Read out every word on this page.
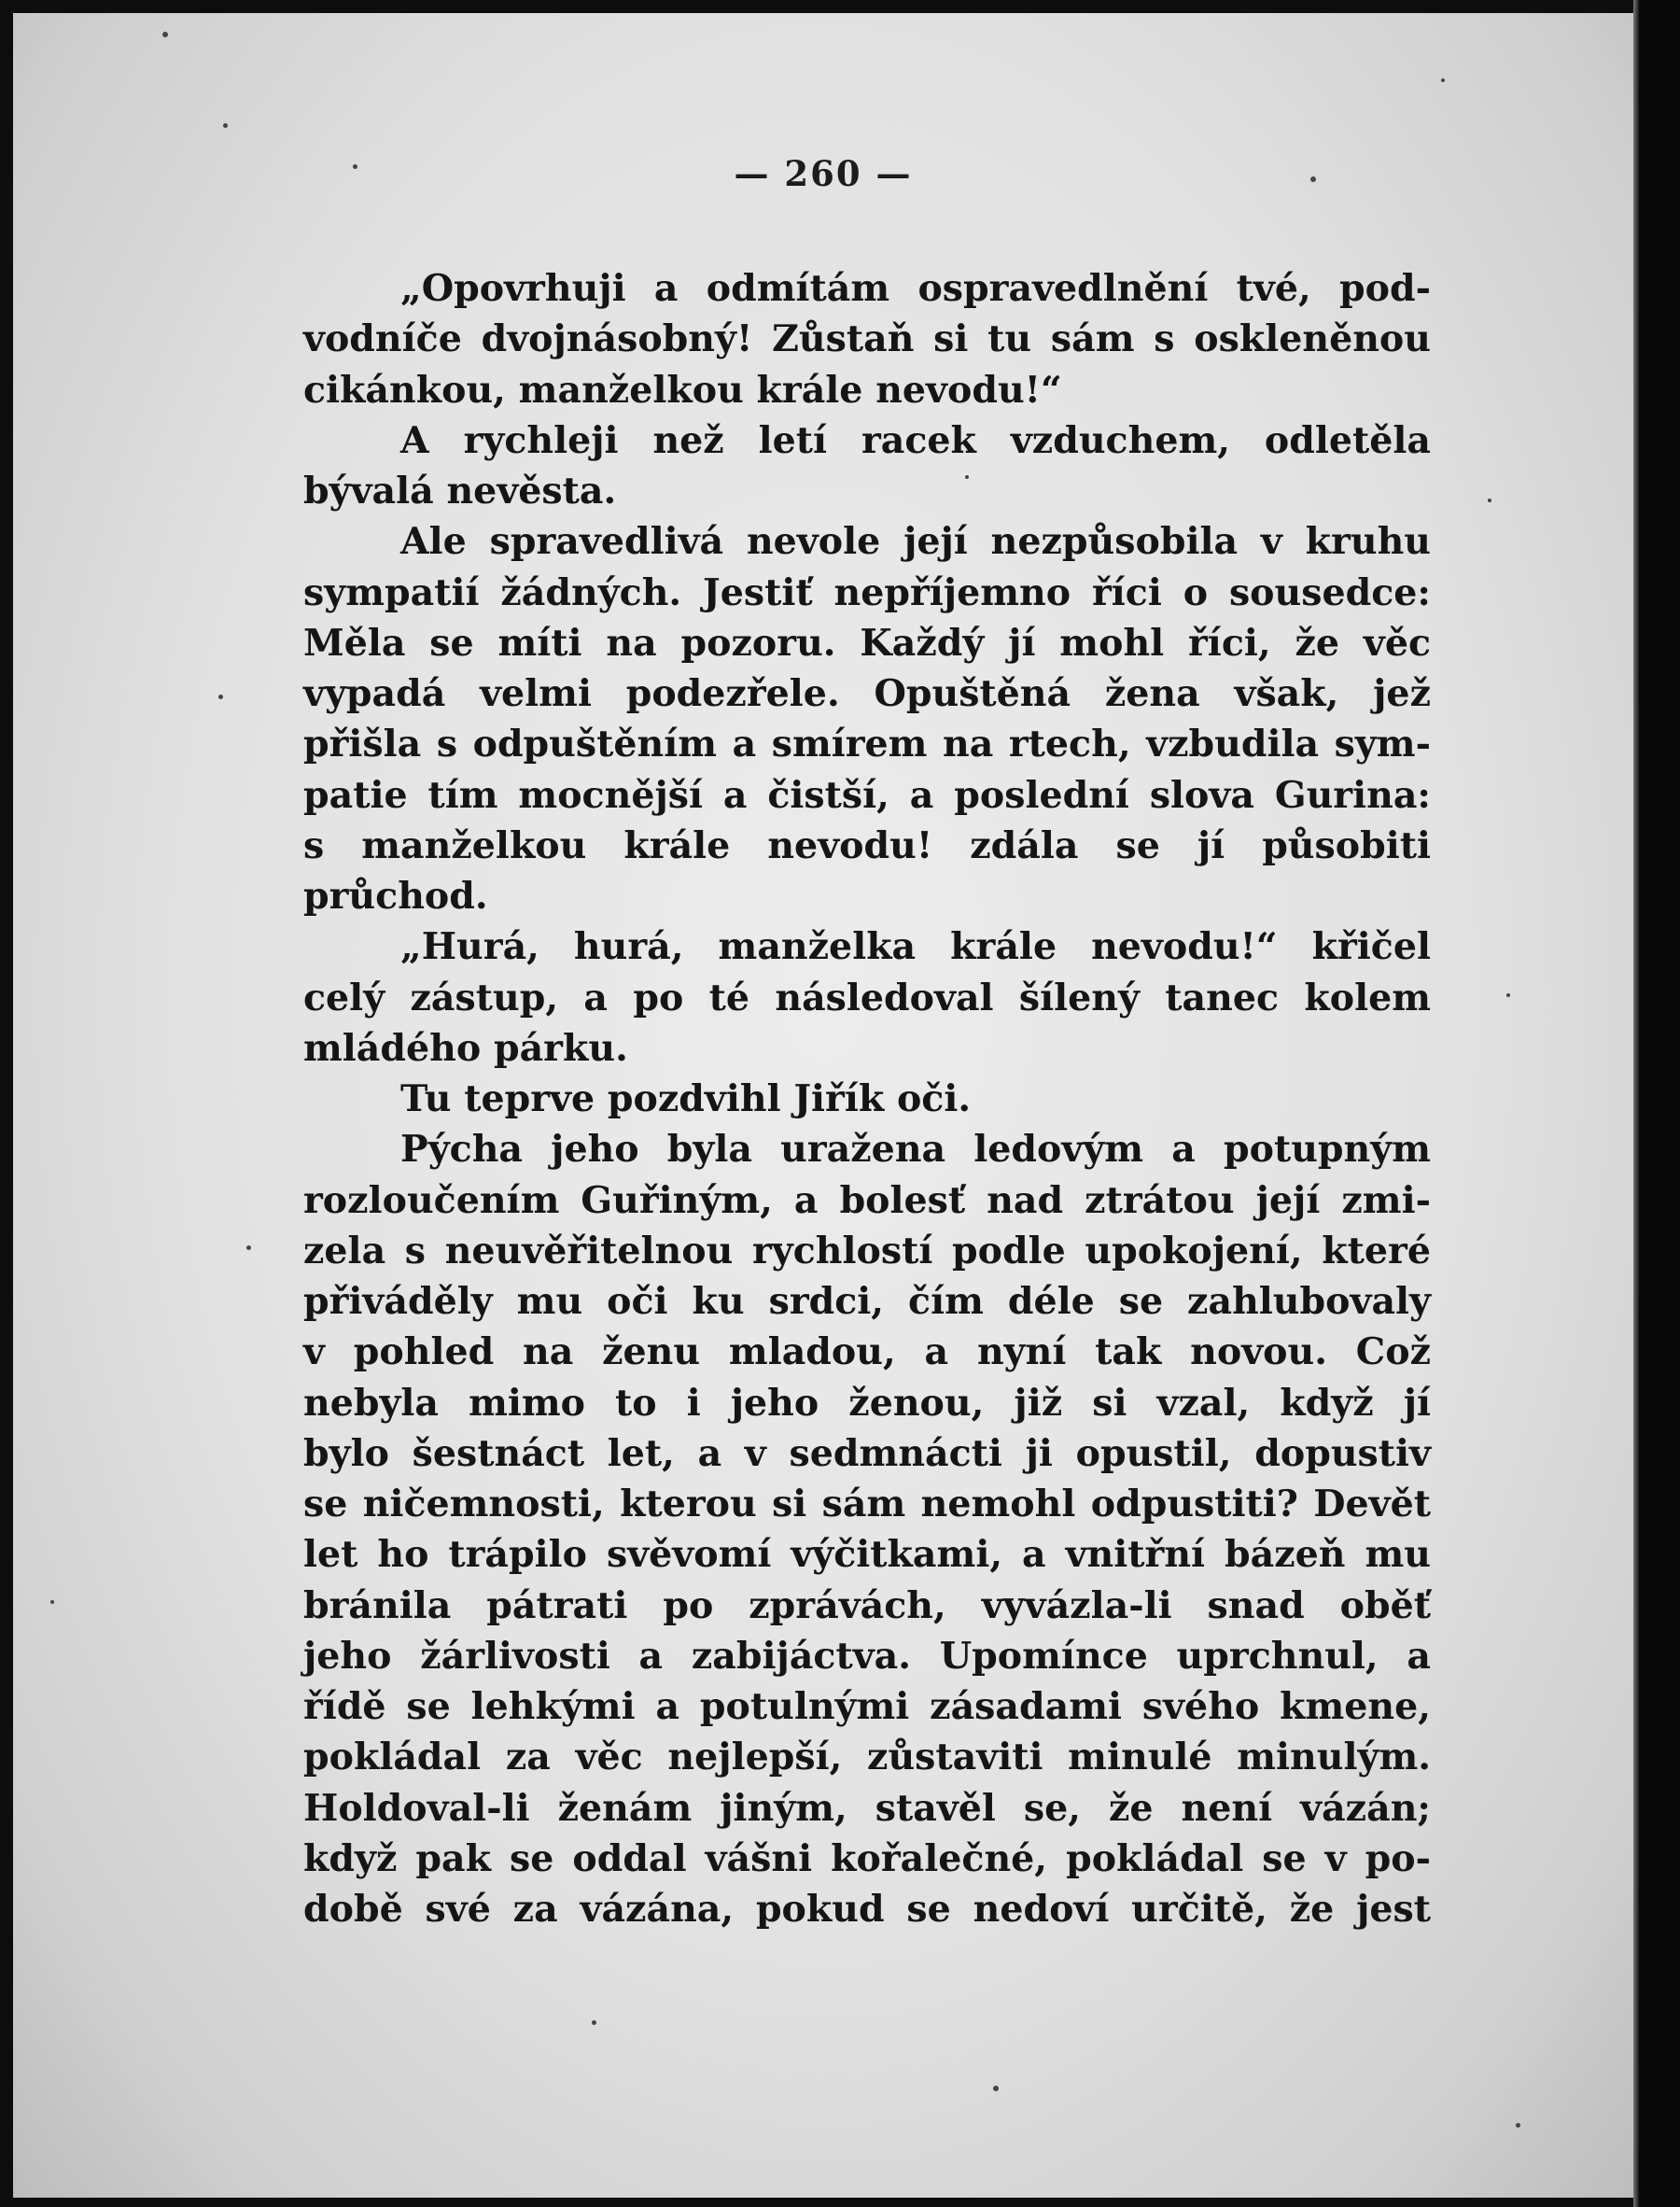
— 260 —
„Opovrhuji a odmítám ospravedlnění tvé, pod-
vodníče dvojnásobný! Zůstaň si tu sám s oskleněnou
cikánkou, manželkou krále nevodu!“
A rychleji než letí racek vzduchem, odletěla
bývalá nevěsta.
Ale spravedlivá nevole její nezpůsobila v kruhu
sympatií žádných. Jestiť nepříjemno říci o sousedce:
Měla se míti na pozoru. Každý jí mohl říci, že věc
vypadá velmi podezřele. Opuštěná žena však, jež
přišla s odpuštěním a smírem na rtech, vzbudila sym-
patie tím mocnější a čistší, a poslední slova Gurina:
s manželkou krále nevodu! zdála se jí působiti
průchod.
„Hurá, hurá, manželka krále nevodu!“ křičel
celý zástup, a po té následoval šílený tanec kolem
mládého párku.
Tu teprve pozdvihl Jiřík oči.
Pýcha jeho byla uražena ledovým a potupným
rozloučením Guřiným, a bolesť nad ztrátou její zmi-
zela s neuvěřitelnou rychlostí podle upokojení, které
přiváděly mu oči ku srdci, čím déle se zahlubovaly
v pohled na ženu mladou, a nyní tak novou. Což
nebyla mimo to i jeho ženou, již si vzal, když jí
bylo šestnáct let, a v sedmnácti ji opustil, dopustiv
se ničemnosti, kterou si sám nemohl odpustiti? Devět
let ho trápilo svěvomí výčitkami, a vnitřní bázeň mu
bránila pátrati po zprávách, vyvázla-li snad oběť
jeho žárlivosti a zabijáctva. Upomínce uprchnul, a
řídě se lehkými a potulnými zásadami svého kmene,
pokládal za věc nejlepší, zůstaviti minulé minulým.
Holdoval-li ženám jiným, stavěl se, že není vázán;
když pak se oddal vášni kořalečné, pokládal se v po-
době své za vázána, pokud se nedoví určitě, že jest
